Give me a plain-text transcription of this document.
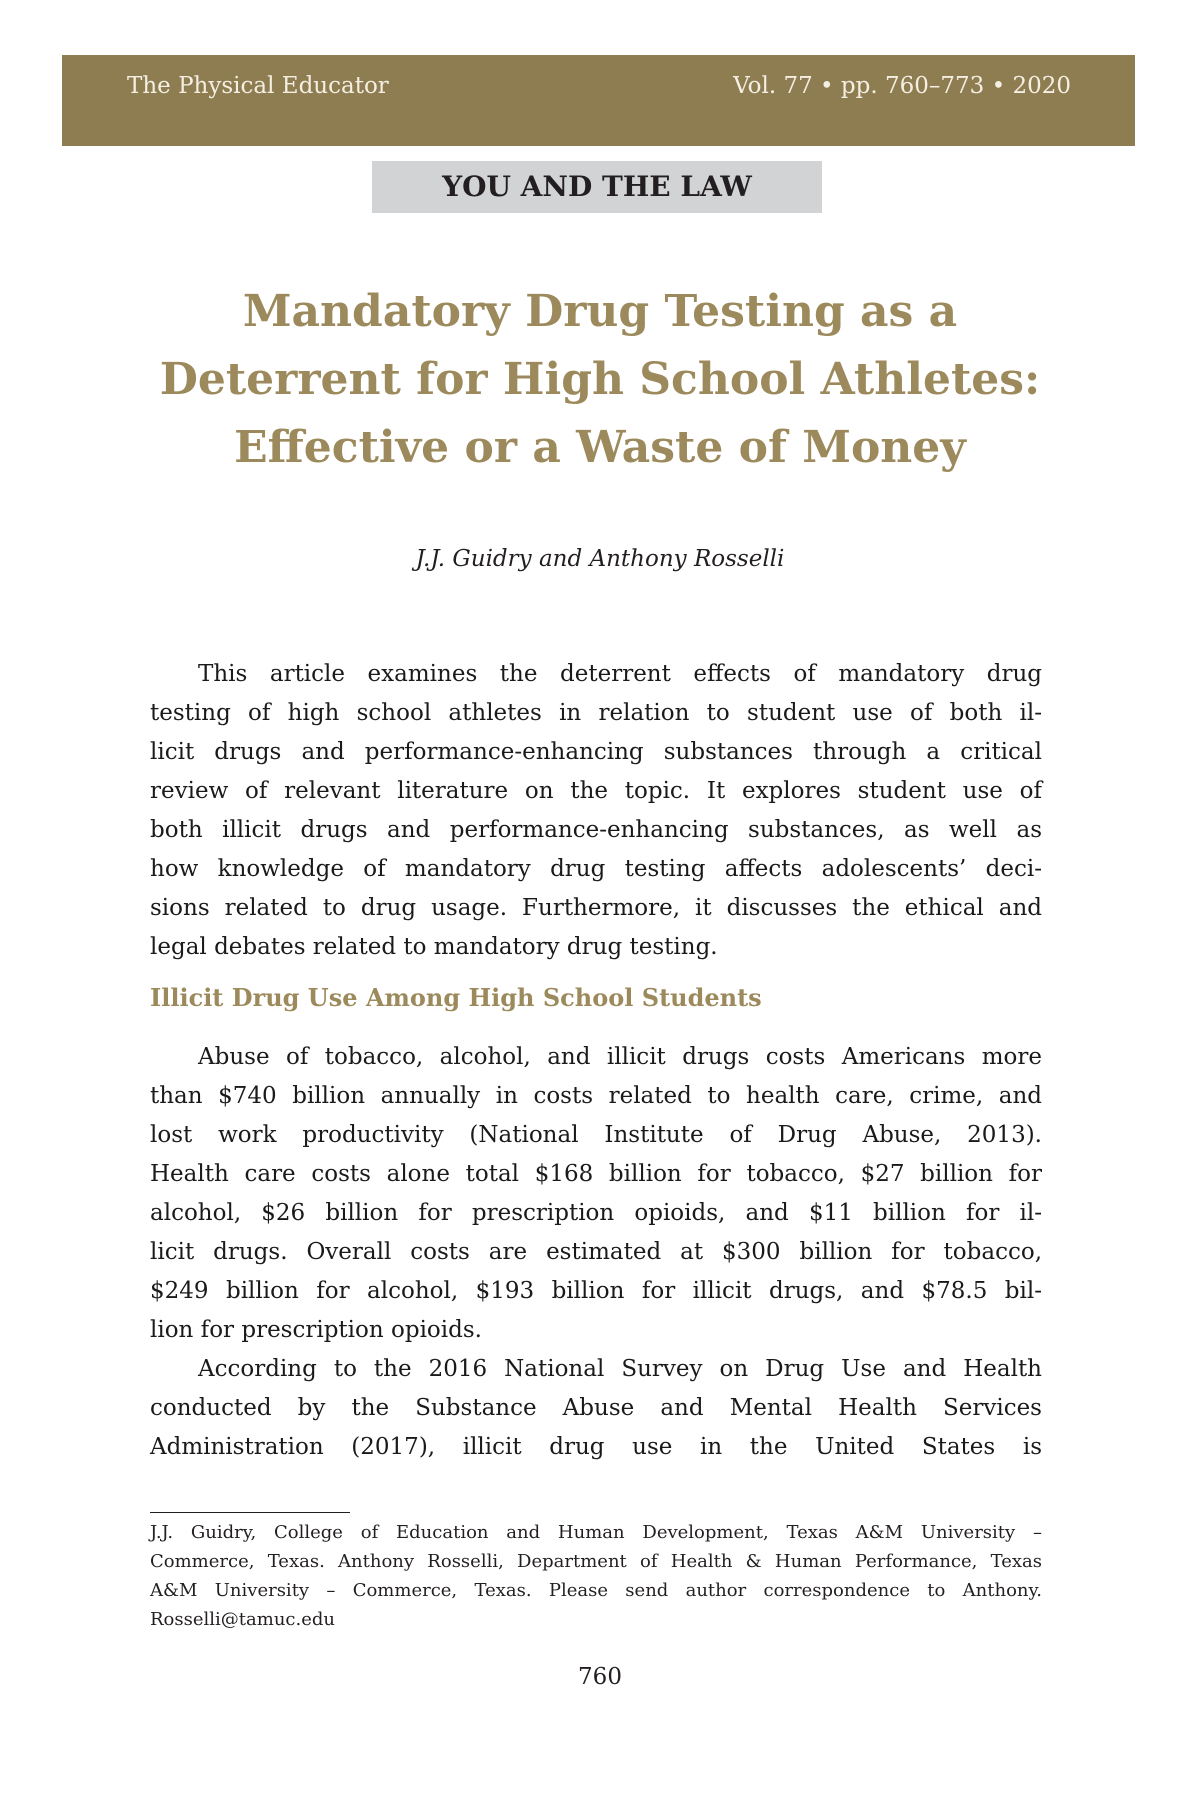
The Physical Educator	Vol. 77 • pp. 760–773 • 2020
YOU AND THE LAW
Mandatory Drug Testing as a
Deterrent for High School Athletes:
Effective or a Waste of Money
J.J. Guidry and Anthony Rosselli

This article examines the deterrent effects of mandatory drug
testing of high school athletes in relation to student use of both il-
licit drugs and performance-enhancing substances through a critical
review of relevant literature on the topic. It explores student use of
both illicit drugs and performance-enhancing substances, as well as
how knowledge of mandatory drug testing affects adolescents’ deci-
sions related to drug usage. Furthermore, it discusses the ethical and
legal debates related to mandatory drug testing.

Illicit Drug Use Among High School Students

Abuse of tobacco, alcohol, and illicit drugs costs Americans more
than $740 billion annually in costs related to health care, crime, and
lost work productivity (National Institute of Drug Abuse, 2013).
Health care costs alone total $168 billion for tobacco, $27 billion for
alcohol, $26 billion for prescription opioids, and $11 billion for il-
licit drugs. Overall costs are estimated at $300 billion for tobacco,
$249 billion for alcohol, $193 billion for illicit drugs, and $78.5 bil-
lion for prescription opioids.

According to the 2016 National Survey on Drug Use and Health
conducted by the Substance Abuse and Mental Health Services
Administration (2017), illicit drug use in the United States is

J.J. Guidry, College of Education and Human Development, Texas A&M University –
Commerce, Texas. Anthony Rosselli, Department of Health & Human Performance, Texas
A&M University – Commerce, Texas. Please send author correspondence to Anthony.
Rosselli@tamuc.edu

760
